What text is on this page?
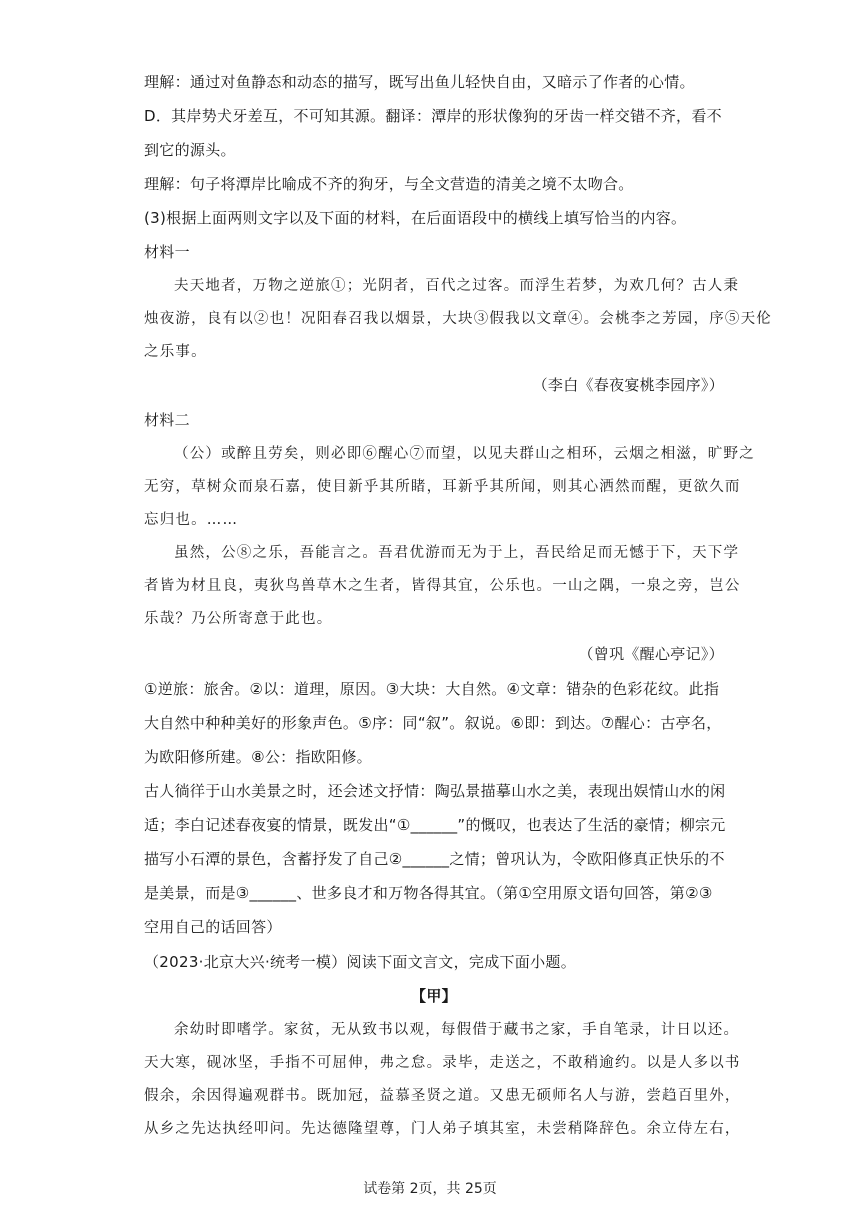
理解：通过对鱼静态和动态的描写，既写出鱼儿轻快自由，又暗示了作者的心情。
D．其岸势犬牙差互，不可知其源。翻译：潭岸的形状像狗的牙齿一样交错不齐，看不
到它的源头。
理解：句子将潭岸比喻成不齐的狗牙，与全文营造的清美之境不太吻合。
(3)根据上面两则文字以及下面的材料，在后面语段中的横线上填写恰当的内容。
材料一
夫天地者，万物之逆旅①；光阴者，百代之过客。而浮生若梦，为欢几何？古人秉
烛夜游，良有以②也！况阳春召我以烟景，大块③假我以文章④。会桃李之芳园，序⑤天伦
之乐事。
（李白《春夜宴桃李园序》）
材料二
（公）或醉且劳矣，则必即⑥醒心⑦而望，以见夫群山之相环，云烟之相滋，旷野之
无穷，草树众而泉石嘉，使目新乎其所睹，耳新乎其所闻，则其心洒然而醒，更欲久而
忘归也。……
虽然，公⑧之乐，吾能言之。吾君优游而无为于上，吾民给足而无憾于下，天下学
者皆为材且良，夷狄鸟兽草木之生者，皆得其宜，公乐也。一山之隅，一泉之旁，岂公
乐哉？乃公所寄意于此也。
（曾巩《醒心亭记》）
①逆旅：旅舍。②以：道理，原因。③大块：大自然。④文章：错杂的色彩花纹。此指
大自然中种种美好的形象声色。⑤序：同“叙”。叙说。⑥即：到达。⑦醒心：古亭名，
为欧阳修所建。⑧公：指欧阳修。
古人徜徉于山水美景之时，还会述文抒情：陶弘景描摹山水之美，表现出娱情山水的闲
适；李白记述春夜宴的情景，既发出“①______”的慨叹，也表达了生活的豪情；柳宗元
描写小石潭的景色，含蓄抒发了自己②______之情；曾巩认为，令欧阳修真正快乐的不
是美景，而是③______、世多良才和万物各得其宜。（第①空用原文语句回答，第②③
空用自己的话回答）
（2023·北京大兴·统考一模）阅读下面文言文，完成下面小题。
【甲】
余幼时即嗜学。家贫，无从致书以观，每假借于藏书之家，手自笔录，计日以还。
天大寒，砚冰坚，手指不可屈伸，弗之怠。录毕，走送之，不敢稍逾约。以是人多以书
假余，余因得遍观群书。既加冠，益慕圣贤之道。又患无硕师名人与游，尝趋百里外，
从乡之先达执经叩问。先达德隆望尊，门人弟子填其室，未尝稍降辞色。余立侍左右，
试卷第 2页，共 25页
